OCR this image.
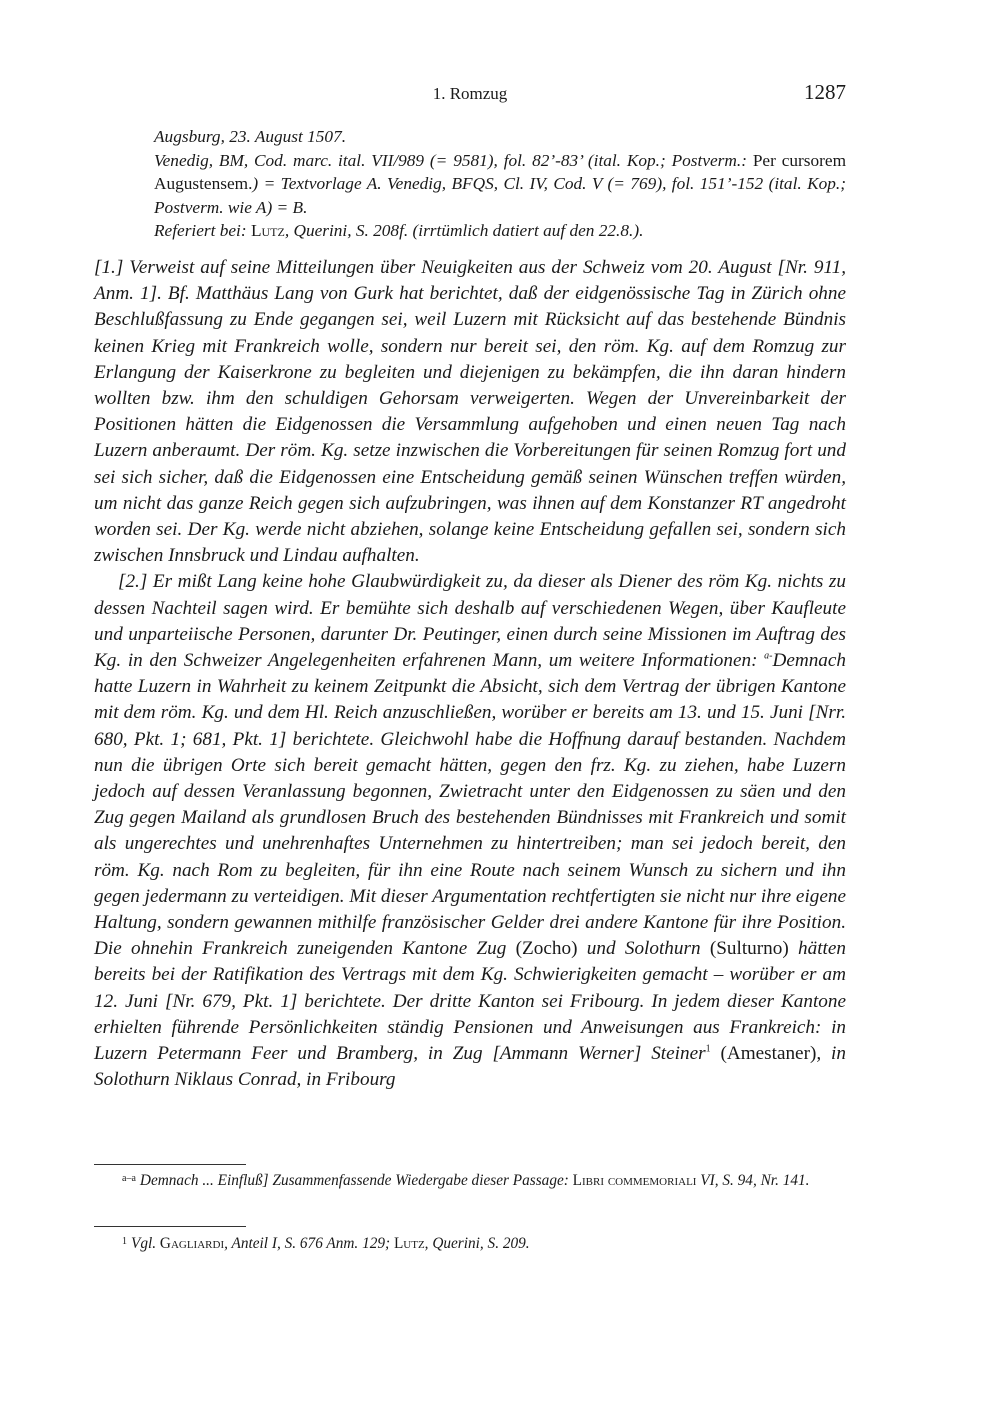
1. Romzug	1287

Augsburg, 23. August 1507.

Venedig, BM, Cod. marc. ital. VII/989 (= 9581), fol. 82’-83’ (ital. Kop.; Postverm.: Per cursorem Augustensem.) = Textvorlage A. Venedig, BFQS, Cl. IV, Cod. V (= 769), fol. 151’-152 (ital. Kop.; Postverm. wie A) = B.

Referiert bei: Lutz, Querini, S. 208f. (irrtümlich datiert auf den 22.8.).

[1.] Verweist auf seine Mitteilungen über Neuigkeiten aus der Schweiz vom 20. August [Nr. 911, Anm. 1]. Bf. Matthäus Lang von Gurk hat berichtet, daß der eidgenössische Tag in Zürich ohne Beschlußfassung zu Ende gegangen sei, weil Luzern mit Rücksicht auf das bestehende Bündnis keinen Krieg mit Frankreich wolle, sondern nur bereit sei, den röm. Kg. auf dem Romzug zur Erlangung der Kaiserkrone zu begleiten und diejenigen zu bekämpfen, die ihn daran hindern wollten bzw. ihm den schuldigen Gehorsam verweigerten. Wegen der Unvereinbarkeit der Positionen hätten die Eidgenossen die Versammlung aufgehoben und einen neuen Tag nach Luzern anberaumt. Der röm. Kg. setze inzwischen die Vorbereitungen für seinen Romzug fort und sei sich sicher, daß die Eidgenossen eine Entscheidung gemäß seinen Wünschen treffen würden, um nicht das ganze Reich gegen sich aufzubringen, was ihnen auf dem Konstanzer RT angedroht worden sei. Der Kg. werde nicht abziehen, solange keine Entscheidung gefallen sei, sondern sich zwischen Innsbruck und Lindau aufhalten.

[2.] Er mißt Lang keine hohe Glaubwürdigkeit zu, da dieser als Diener des röm Kg. nichts zu dessen Nachteil sagen wird. Er bemühte sich deshalb auf verschiedenen Wegen, über Kaufleute und unparteiische Personen, darunter Dr. Peutinger, einen durch seine Missionen im Auftrag des Kg. in den Schweizer Angelegenheiten erfahrenen Mann, um weitere Informationen: $^{a-}$Demnach hatte Luzern in Wahrheit zu keinem Zeitpunkt die Absicht, sich dem Vertrag der übrigen Kantone mit dem röm. Kg. und dem Hl. Reich anzuschließen, worüber er bereits am 13. und 15. Juni [Nrr. 680, Pkt. 1; 681, Pkt. 1] berichtete. Gleichwohl habe die Hoffnung darauf bestanden. Nachdem nun die übrigen Orte sich bereit gemacht hätten, gegen den frz. Kg. zu ziehen, habe Luzern jedoch auf dessen Veranlassung begonnen, Zwietracht unter den Eidgenossen zu säen und den Zug gegen Mailand als grundlosen Bruch des bestehenden Bündnisses mit Frankreich und somit als ungerechtes und unehrenhaftes Unternehmen zu hintertreiben; man sei jedoch bereit, den röm. Kg. nach Rom zu begleiten, für ihn eine Route nach seinem Wunsch zu sichern und ihn gegen jedermann zu verteidigen. Mit dieser Argumentation rechtfertigten sie nicht nur ihre eigene Haltung, sondern gewannen mithilfe französischer Gelder drei andere Kantone für ihre Position. Die ohnehin Frankreich zuneigenden Kantone Zug (Zocho) und Solothurn (Sulturno) hätten bereits bei der Ratifikation des Vertrags mit dem Kg. Schwierigkeiten gemacht – worüber er am 12. Juni [Nr. 679, Pkt. 1] berichtete. Der dritte Kanton sei Fribourg. In jedem dieser Kantone erhielten führende Persönlichkeiten ständig Pensionen und Anweisungen aus Frankreich: in Luzern Petermann Feer und Bramberg, in Zug [Ammann Werner] Steiner$^1$ (Amestaner), in Solothurn Niklaus Conrad, in Fribourg

$^{a-a}$ Demnach ... Einfluß] Zusammenfassende Wiedergabe dieser Passage: Libri commemoriali VI, S. 94, Nr. 141.

$^1$ Vgl. Gagliardi, Anteil I, S. 676 Anm. 129; Lutz, Querini, S. 209.
